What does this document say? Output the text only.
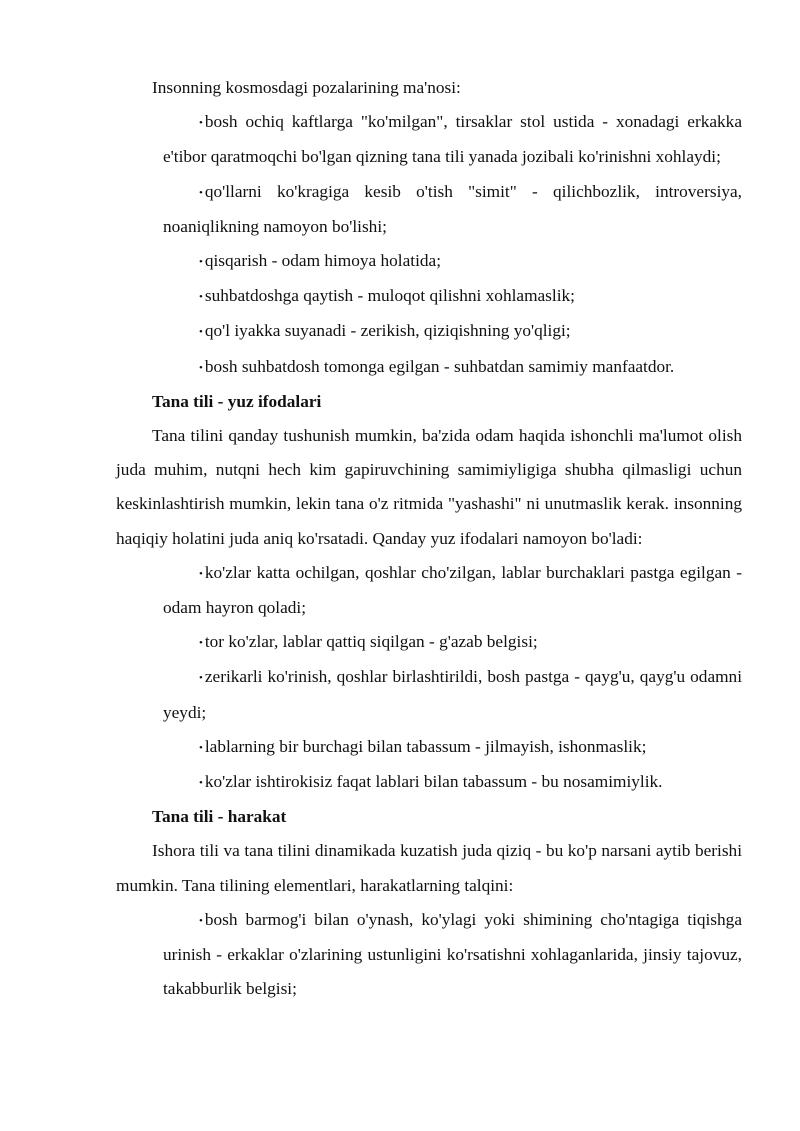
Insonning kosmosdagi pozalarining ma'nosi:

• bosh ochiq kaftlarga "ko'milgan", tirsaklar stol ustida - xonadagi erkakka e'tibor qaratmoqchi bo'lgan qizning tana tili yanada jozibali ko'rinishni xohlaydi;
• qo'llarni ko'kragiga kesib o'tish "simit" - qilichbozlik, introversiya, noaniqlikning namoyon bo'lishi;
• qisqarish - odam himoya holatida;
• suhbatdoshga qaytish - muloqot qilishni xohlamaslik;
• qo'l iyakka suyanadi - zerikish, qiziqishning yo'qligi;
• bosh suhbatdosh tomonga egilgan - suhbatdan samimiy manfaatdor.

Tana tili - yuz ifodalari

Tana tilini qanday tushunish mumkin, ba'zida odam haqida ishonchli ma'lumot olish juda muhim, nutqni hech kim gapiruvchining samimiyligiga shubha qilmasligi uchun keskinlashtirish mumkin, lekin tana o'z ritmida "yashashi" ni unutmaslik kerak. insonning haqiqiy holatini juda aniq ko'rsatadi. Qanday yuz ifodalari namoyon bo'ladi:

• ko'zlar katta ochilgan, qoshlar cho'zilgan, lablar burchaklari pastga egilgan - odam hayron qoladi;
• tor ko'zlar, lablar qattiq siqilgan - g'azab belgisi;
• zerikarli ko'rinish, qoshlar birlashtirildi, bosh pastga - qayg'u, qayg'u odamni yeydi;
• lablarning bir burchagi bilan tabassum - jilmayish, ishonmaslik;
• ko'zlar ishtirokisiz faqat lablari bilan tabassum - bu nosamimiylik.

Tana tili - harakat

Ishora tili va tana tilini dinamikada kuzatish juda qiziq - bu ko'p narsani aytib berishi mumkin. Tana tilining elementlari, harakatlarning talqini:

• bosh barmog'i bilan o'ynash, ko'ylagi yoki shimining cho'ntagiga tiqishga urinish - erkaklar o'zlarining ustunligini ko'rsatishni xohlaganlarida, jinsiy tajovuz, takabburlik belgisi;
